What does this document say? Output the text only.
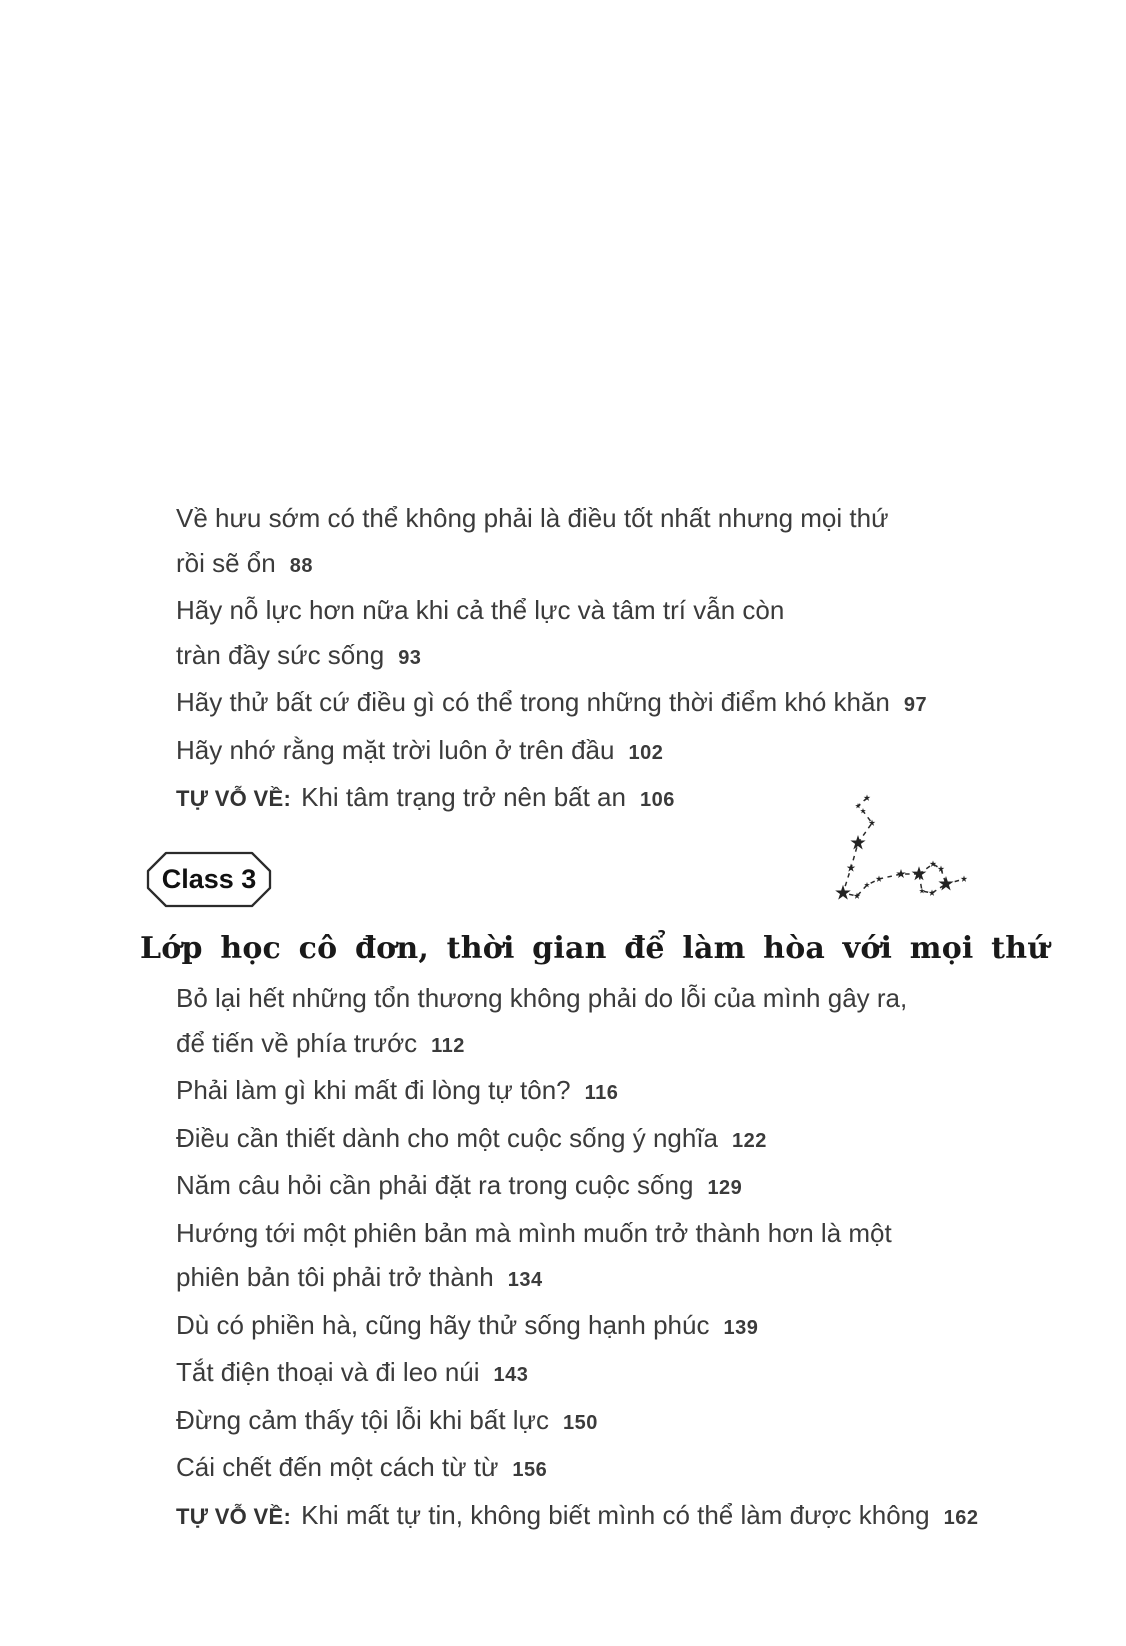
Về hưu sớm có thể không phải là điều tốt nhất nhưng mọi thứ
rồi sẽ ổn 88
Hãy nỗ lực hơn nữa khi cả thể lực và tâm trí vẫn còn
tràn đầy sức sống 93
Hãy thử bất cứ điều gì có thể trong những thời điểm khó khăn 97
Hãy nhớ rằng mặt trời luôn ở trên đầu 102
TỰ VỖ VỀ: Khi tâm trạng trở nên bất an 106
Class 3
Lớp học cô đơn, thời gian để làm hòa với mọi thứ
Bỏ lại hết những tổn thương không phải do lỗi của mình gây ra,
để tiến về phía trước 112
Phải làm gì khi mất đi lòng tự tôn? 116
Điều cần thiết dành cho một cuộc sống ý nghĩa 122
Năm câu hỏi cần phải đặt ra trong cuộc sống 129
Hướng tới một phiên bản mà mình muốn trở thành hơn là một
phiên bản tôi phải trở thành 134
Dù có phiền hà, cũng hãy thử sống hạnh phúc 139
Tắt điện thoại và đi leo núi 143
Đừng cảm thấy tội lỗi khi bất lực 150
Cái chết đến một cách từ từ 156
TỰ VỖ VỀ: Khi mất tự tin, không biết mình có thể làm được không 162
